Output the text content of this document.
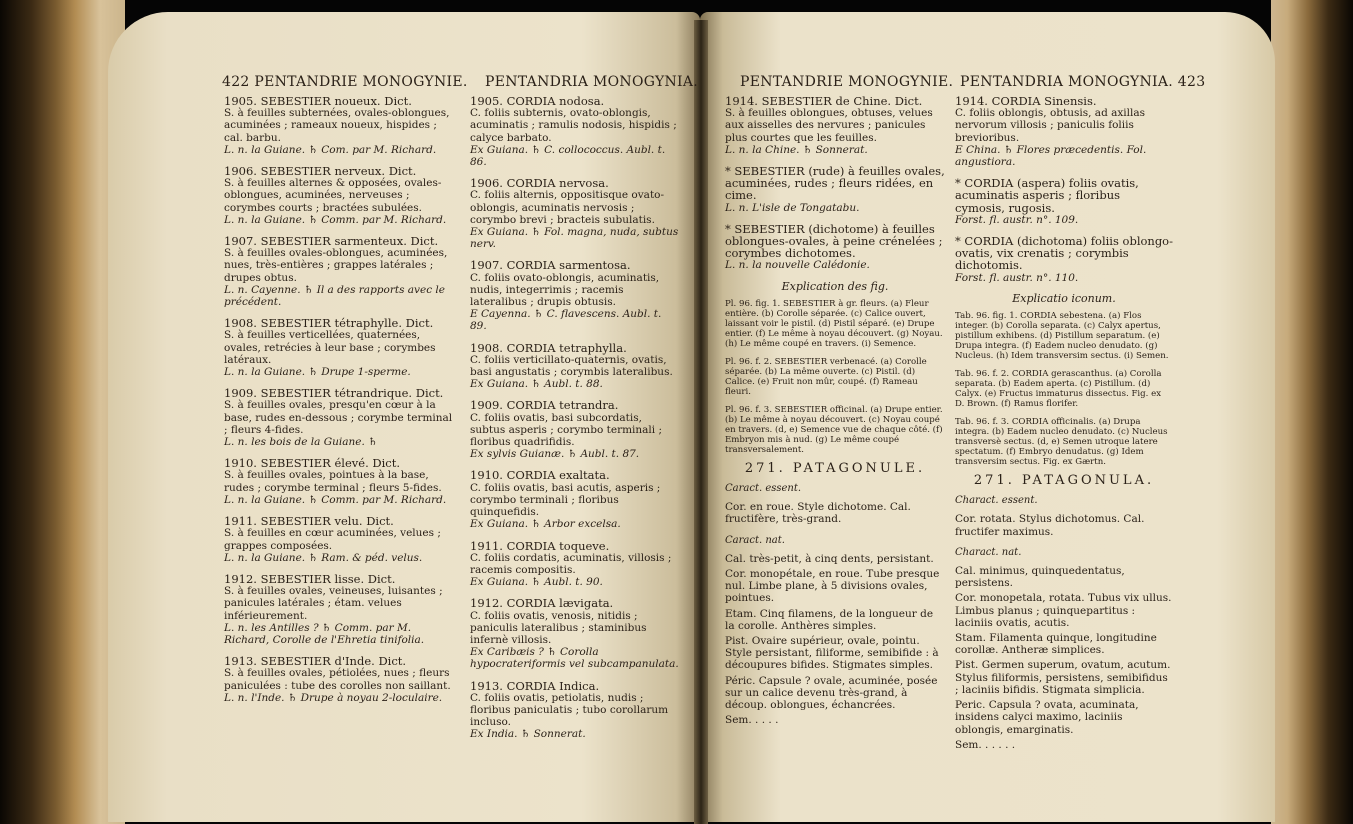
422 PENTANDRIE MONOGYNIE. PENTANDRIA MONOGYNIA.	PENTANDRIE MONOGYNIE. PENTANDRIA MONOGYNIA. 423
1905. SEBESTIER noueux. Dict.
S. à feuilles subternées, ovales-oblongues, acuminées ; rameaux noueux, hispides ; cal. barbu.
L. n. la Guiane. ♄ Com. par M. Richard.
1906. SEBESTIER nerveux. Dict.
S. à feuilles alternes & opposées, ovales-oblongues, acuminées, nerveuses ; corymbes courts ; bractées subulées.
L. n. la Guiane. ♄ Comm. par M. Richard.
1907. SEBESTIER sarmenteux. Dict.
S. à feuilles ovales-oblongues, acuminées, nues, très-entières ; grappes latérales ; drupes obtus.
L. n. Cayenne. ♄ Il a des rapports avec le précédent.
1908. SEBESTIER tétraphylle. Dict.
S. à feuilles verticellées, quaternées, ovales, retrécies à leur base ; corymbes latéraux.
L. n. la Guiane. ♄ Drupe 1-sperme.
1909. SEBESTIER tétrandrique. Dict.
S. à feuilles ovales, presqu'en cœur à la base, rudes en-dessous ; corymbe terminal ; fleurs 4-fides.
L. n. les bois de la Guiane. ♄
1910. SEBESTIER élevé. Dict.
S. à feuilles ovales, pointues à la base, rudes ; corymbe terminal ; fleurs 5-fides.
L. n. la Guiane. ♄ Comm. par M. Richard.
1911. SEBESTIER velu. Dict.
S. à feuilles en cœur acuminées, velues ; grappes composées.
L. n. la Guiane. ♄ Ram. & péd. velus.
1912. SEBESTIER lisse. Dict.
S. à feuilles ovales, veineuses, luisantes ; panicules latérales ; étam. velues inférieurement.
L. n. les Antilles ? ♄ Comm. par M. Richard, Corolle de l'Ehretia tinifolia.
1913. SEBESTIER d'Inde. Dict.
S. à feuilles ovales, pétiolées, nues ; fleurs paniculées : tube des corolles non saillant.
L. n. l'Inde. ♄ Drupe à noyau 2-loculaire.
1905. CORDIA nodosa.
C. foliis subternis, ovato-oblongis, acuminatis ; ramulis nodosis, hispidis ; calyce barbato.
Ex Guiana. ♄ C. collococcus. Aubl. t. 86.
1906. CORDIA nervosa.
C. foliis alternis, oppositisque ovato-oblongis, acuminatis nervosis ; corymbo brevi ; bracteis subulatis.
Ex Guiana. ♄ Fol. magna, nuda, subtus nerv.
1907. CORDIA sarmentosa.
C. foliis ovato-oblongis, acuminatis, nudis, integerrimis ; racemis lateralibus ; drupis obtusis.
E Cayenna. ♄ C. flavescens. Aubl. t. 89.
1908. CORDIA tetraphylla.
C. foliis verticillato-quaternis, ovatis, basi angustatis ; corymbis lateralibus.
Ex Guiana. ♄ Aubl. t. 88.
1909. CORDIA tetrandra.
C. foliis ovatis, basi subcordatis, subtus asperis ; corymbo terminali ; floribus quadrifidis.
Ex sylvis Guianæ. ♄ Aubl. t. 87.
1910. CORDIA exaltata.
C. foliis ovatis, basi acutis, asperis ; corymbo terminali ; floribus quinquefidis.
Ex Guiana. ♄ Arbor excelsa.
1911. CORDIA toqueve.
C. foliis cordatis, acuminatis, villosis ; racemis compositis.
Ex Guiana. ♄ Aubl. t. 90.
1912. CORDIA lævigata.
C. foliis ovatis, venosis, nitidis ; paniculis lateralibus ; staminibus infernè villosis.
Ex Caribæis ? ♄ Corolla hypocrateriformis vel subcampanulata.
1913. CORDIA Indica.
C. foliis ovatis, petiolatis, nudis ; floribus paniculatis ; tubo corollarum incluso.
Ex India. ♄ Sonnerat.
1914. SEBESTIER de Chine. Dict.
S. à feuilles oblongues, obtuses, velues aux aisselles des nervures ; panicules plus courtes que les feuilles.
L. n. la Chine. ♄ Sonnerat.
* SEBESTIER (rude) à feuilles ovales, acuminées, rudes ; fleurs ridées, en cime.
L. n. L'isle de Tongatabu.
* SEBESTIER (dichotome) à feuilles oblongues-ovales, à peine crénelées ; corymbes dichotomes.
L. n. la nouvelle Calédonie.
Explication des fig.
Pl. 96. fig. 1. SEBESTIER à gr. fleurs. (a) Fleur entière. (b) Corolle séparée. (c) Calice ouvert, laissant voir le pistil. (d) Pistil séparé. (e) Drupe entier. (f) Le même à noyau découvert. (g) Noyau. (h) Le même coupé en travers. (i) Semence.
Pl. 96. f. 2. SEBESTIER verbenacé. (a) Corolle séparée. (b) La même ouverte. (c) Pistil. (d) Calice. (e) Fruit non mûr, coupé. (f) Rameau fleuri.
Pl. 96. f. 3. SEBESTIER officinal. (a) Drupe entier. (b) Le même à noyau découvert. (c) Noyau coupé en travers. (d, e) Semence vue de chaque côté. (f) Embryon mis à nud. (g) Le même coupé transversalement.
271. PATAGONULE.
Caract. essent.
Cor. en roue. Style dichotome. Cal. fructifère, très-grand.
Caract. nat.
Cal. très-petit, à cinq dents, persistant.
Cor. monopétale, en roue. Tube presque nul. Limbe plane, à 5 divisions ovales, pointues.
Etam. Cinq filamens, de la longueur de la corolle. Anthères simples.
Pist. Ovaire supérieur, ovale, pointu. Style persistant, filiforme, semibifide : à découpures bifides. Stigmates simples.
Péric. Capsule ? ovale, acuminée, posée sur un calice devenu très-grand, à découp. oblongues, échancrées.
Sem. . . . .
1914. CORDIA Sinensis.
C. foliis oblongis, obtusis, ad axillas nervorum villosis ; paniculis foliis brevioribus.
E China. ♄ Flores præcedentis. Fol. angustiora.
* CORDIA (aspera) foliis ovatis, acuminatis asperis ; floribus cymosis, rugosis.
Forst. fl. austr. n°. 109.
* CORDIA (dichotoma) foliis oblongo-ovatis, vix crenatis ; corymbis dichotomis.
Forst. fl. austr. n°. 110.
Explicatio iconum.
Tab. 96. fig. 1. CORDIA sebestena. (a) Flos integer. (b) Corolla separata. (c) Calyx apertus, pistillum exhibens. (d) Pistillum separatum. (e) Drupa integra. (f) Eadem nucleo denudato. (g) Nucleus. (h) Idem transversim sectus. (i) Semen.
Tab. 96. f. 2. CORDIA gerascanthus. (a) Corolla separata. (b) Eadem aperta. (c) Pistillum. (d) Calyx. (e) Fructus immaturus dissectus. Fig. ex D. Brown. (f) Ramus florifer.
Tab. 96. f. 3. CORDIA officinalis. (a) Drupa integra. (b) Eadem nucleo denudato. (c) Nucleus transversè sectus. (d, e) Semen utroque latere spectatum. (f) Embryo denudatus. (g) Idem transversim sectus. Fig. ex Gærtn.
271. PATAGONULA.
Charact. essent.
Cor. rotata. Stylus dichotomus. Cal. fructifer maximus.
Charact. nat.
Cal. minimus, quinquedentatus, persistens.
Cor. monopetala, rotata. Tubus vix ullus. Limbus planus ; quinquepartitus : laciniis ovatis, acutis.
Stam. Filamenta quinque, longitudine corollæ. Antheræ simplices.
Pist. Germen superum, ovatum, acutum. Stylus filiformis, persistens, semibifidus ; laciniis bifidis. Stigmata simplicia.
Peric. Capsula ? ovata, acuminata, insidens calyci maximo, laciniis oblongis, emarginatis.
Sem. . . . . .
